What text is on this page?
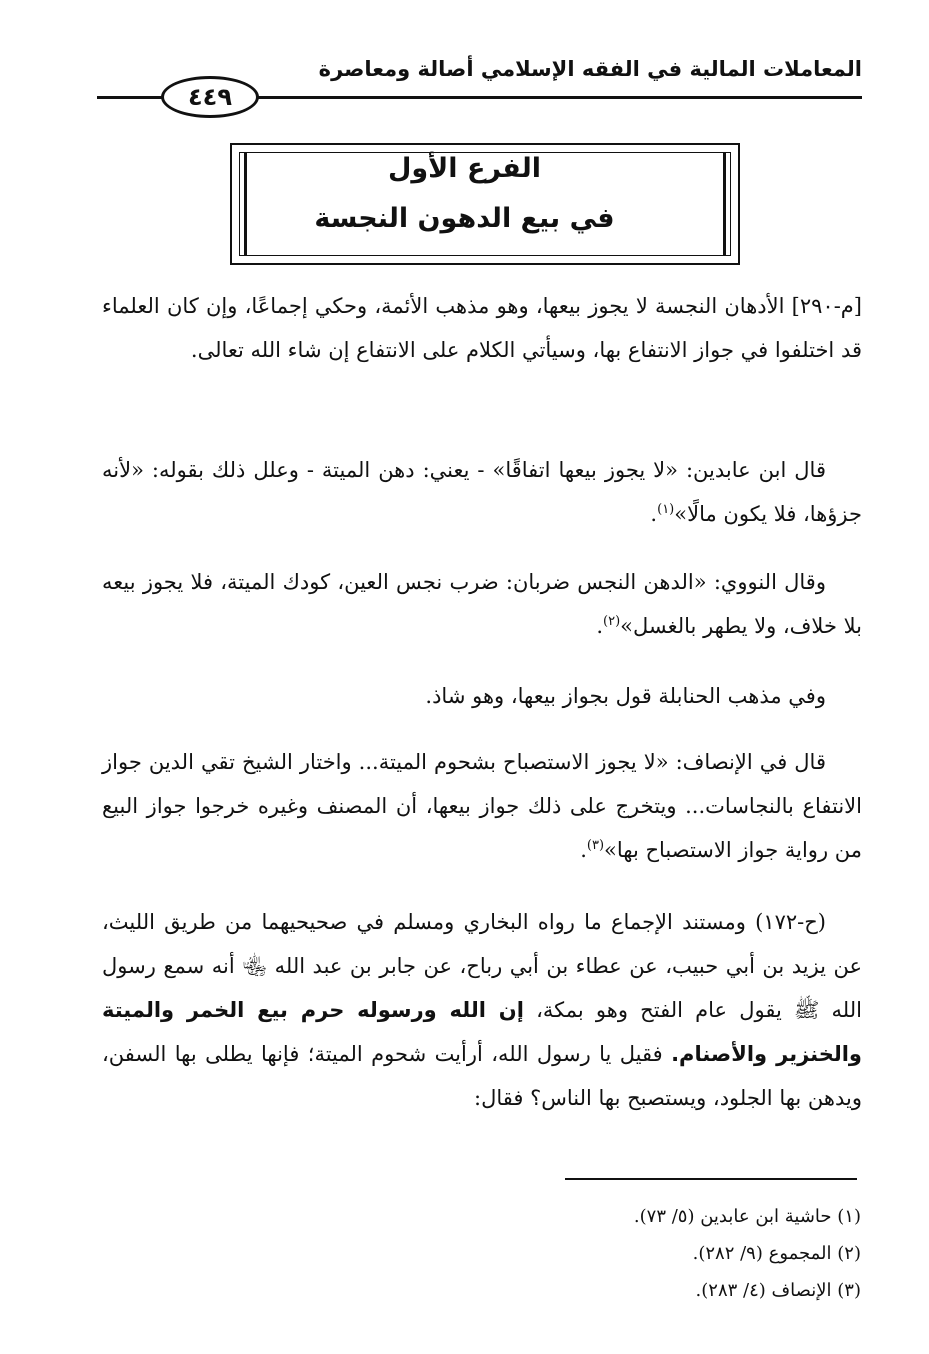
المعاملات المالية في الفقه الإسلامي أصالة ومعاصرة
٤٤٩
الفرع الأول
في بيع الدهون النجسة

[م-٢٩٠] الأدهان النجسة لا يجوز بيعها، وهو مذهب الأئمة، وحكي إجماعًا، وإن كان العلماء قد اختلفوا في جواز الانتفاع بها، وسيأتي الكلام على الانتفاع إن شاء الله تعالى.

قال ابن عابدين: «لا يجوز بيعها اتفاقًا» - يعني: دهن الميتة - وعلل ذلك بقوله: «لأنه جزؤها، فلا يكون مالًا»$^{(١)}$.

وقال النووي: «الدهن النجس ضربان: ضرب نجس العين، كودك الميتة، فلا يجوز بيعه بلا خلاف، ولا يطهر بالغسل»$^{(٢)}$.

وفي مذهب الحنابلة قول بجواز بيعها، وهو شاذ.

قال في الإنصاف: «لا يجوز الاستصباح بشحوم الميتة... واختار الشيخ تقي الدين جواز الانتفاع بالنجاسات... ويتخرج على ذلك جواز بيعها، أن المصنف وغيره خرجوا جواز البيع من رواية جواز الاستصباح بها»$^{(٣)}$.

(ح-١٧٢) ومستند الإجماع ما رواه البخاري ومسلم في صحيحيهما من طريق الليث، عن يزيد بن أبي حبيب، عن عطاء بن أبي رباح، عن جابر بن عبد الله ﵄ أنه سمع رسول الله ﷺ يقول عام الفتح وهو بمكة، إن الله ورسوله حرم بيع الخمر والميتة والخنزير والأصنام. فقيل يا رسول الله، أرأيت شحوم الميتة؛ فإنها يطلى بها السفن، ويدهن بها الجلود، ويستصبح بها الناس؟ فقال:

(١) حاشية ابن عابدين (٥/ ٧٣).
(٢) المجموع (٩/ ٢٨٢).
(٣) الإنصاف (٤/ ٢٨٣).
